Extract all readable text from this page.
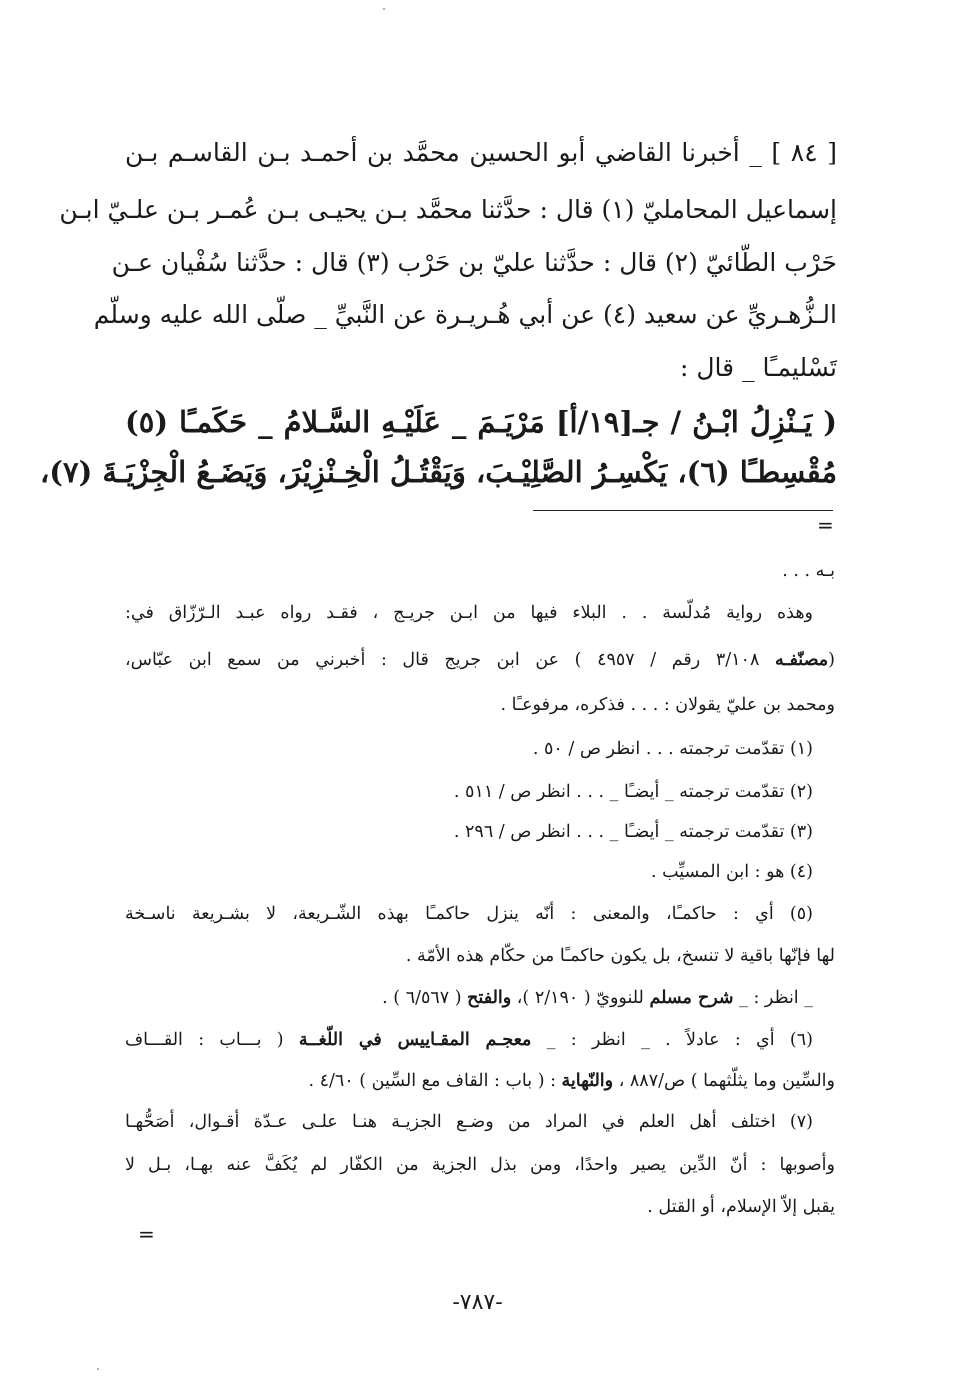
[ ٨٤ ] _ أخبرنا القاضي أبو الحسين محمَّد بن أحمـد بـن القاسـم بـن
إسماعيل المحامليّ (١) قال : حدَّثنا محمَّد بـن يحيـى بـن عُمـر بـن علـيّ ابـن
حَرْب الطّائيّ (٢) قال : حدَّثنا عليّ بن حَرْب (٣) قال : حدَّثنا سُفْيان عـن
الـزُّهـريِّ عن سعيد (٤) عن أبي هُـريـرة عن النَّبيِّ _ صلّى الله عليه وسلّم
تَسْليمـًا _ قال :
( يَـنْزِلُ ابْـنُ / جـ[١٩/أ] مَرْيَـمَ _ عَلَيْـهِ السَّـلامُ _ حَكَمـًا (٥)
مُقْسِطـًا (٦)، يَكْسِـرُ الصَّلِيْـبَ، وَيَقْتُـلُ الْخِـنْزِيْرَ، وَيَضَـعُ الْجِزْيَـةَ (٧)،
=
بـه . . .
وهذه رواية مُدلّسة . . البلاء فيها من ابـن جريـج ، فقـد رواه عبـد الـرّزّاق في:
(مصنّفـه ٣/١٠٨ رقم / ٤٩٥٧ ) عن ابن جريج قال : أخبرني من سمع ابن عبّاس،
ومحمد بن عليّ يقولان : . . . فذكره، مرفوعـًا .
(١) تقدّمت ترجمته . . . انظر ص / ٥٠ .
(٢) تقدّمت ترجمته _ أيضـًا _ . . . انظر ص / ٥١١ .
(٣) تقدّمت ترجمته _ أيضـًا _ . . . انظر ص / ٢٩٦ .
(٤) هو : ابن المسيِّب .
(٥) أي : حاكمـًا، والمعنى : أنّه ينزل حاكمـًا بهذه الشّـريعة، لا بشـريعة ناسـخة
لها فإنّها باقية لا تنسخ، بل يكون حاكمـًا من حكّام هذه الأمّة .
_ انظر : _ شرح مسلم للنوويّ ( ٢/١٩٠ )، والفتح ( ٦/٥٦٧ ) .
(٦) أي : عادلاً . _ انظر : _ معجـم المقـاييس في اللّغــة ( بـــاب : القـــاف
والسِّين وما يثلّثهما ) ص/٨٨٧ ، والنّهاية : ( باب : القاف مع السِّين ) ٤/٦٠ .
(٧) اختلف أهل العلم في المراد من وضـع الجزيـة هنـا علـى عـدّة أقـوال، أصَحُّهـا
وأصوبها : أنّ الدِّين يصير واحدًا، ومن بذل الجزية من الكفّار لم يُكَفَّ عنه بهـا، بـل لا
يقبل إلاّ الإسلام، أو القتل .
=
-٧٨٧-
